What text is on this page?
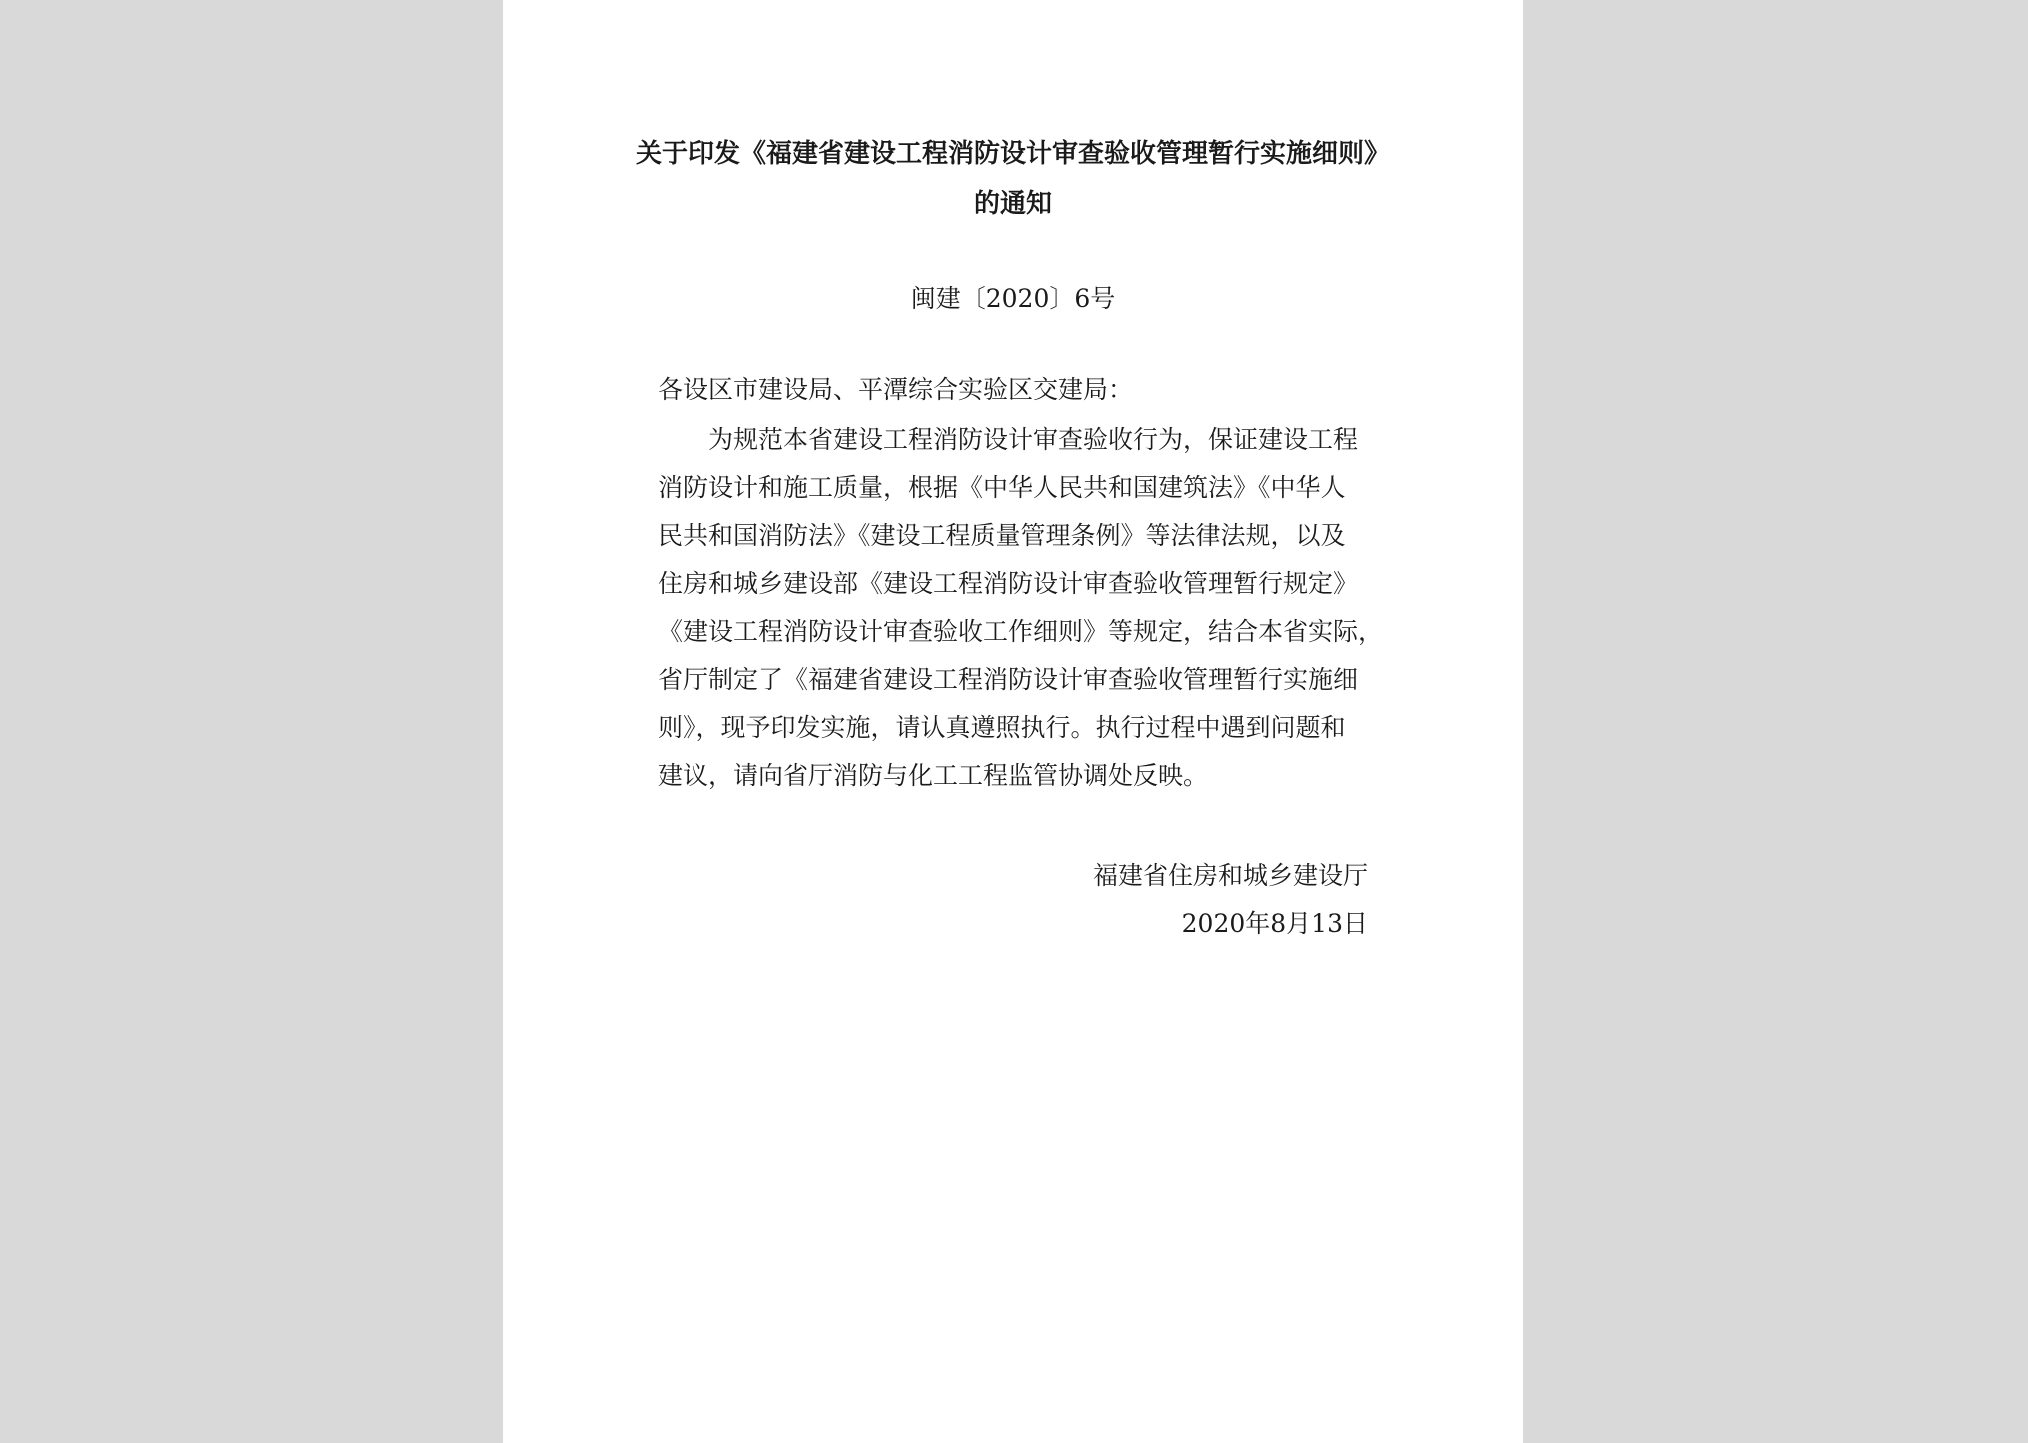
关于印发《福建省建设工程消防设计审查验收管理暂行实施细则》
的通知
闽建〔2020〕6号
各设区市建设局、平潭综合实验区交建局：
　　为规范本省建设工程消防设计审查验收行为，保证建设工程
消防设计和施工质量，根据《中华人民共和国建筑法》《中华人
民共和国消防法》《建设工程质量管理条例》等法律法规，以及
住房和城乡建设部《建设工程消防设计审查验收管理暂行规定》
《建设工程消防设计审查验收工作细则》等规定，结合本省实际，
省厅制定了《福建省建设工程消防设计审查验收管理暂行实施细
则》，现予印发实施，请认真遵照执行。执行过程中遇到问题和
建议，请向省厅消防与化工工程监管协调处反映。
福建省住房和城乡建设厅
2020年8月13日
